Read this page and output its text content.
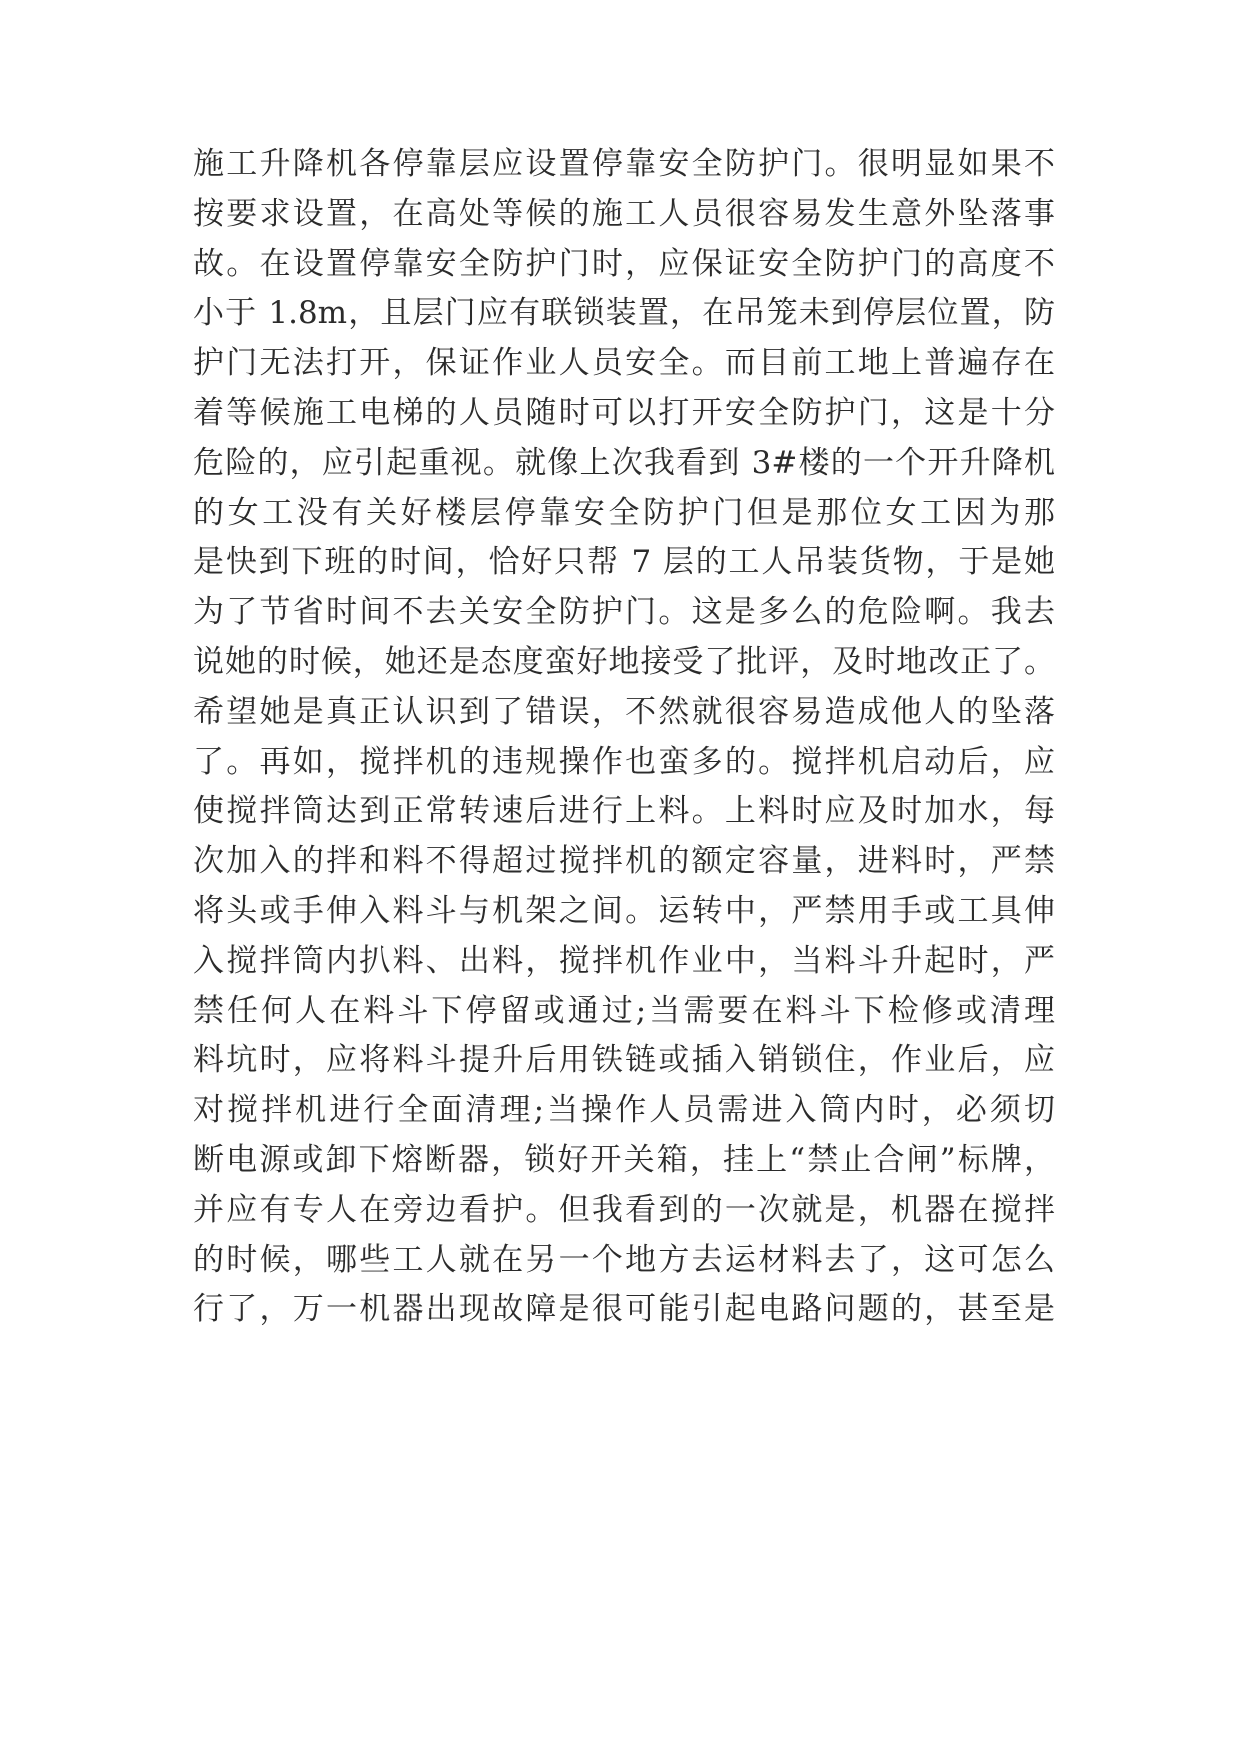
施工升降机各停靠层应设置停靠安全防护门。很明显如果不
按要求设置，在高处等候的施工人员很容易发生意外坠落事
故。在设置停靠安全防护门时，应保证安全防护门的高度不
小于 1.8m，且层门应有联锁装置，在吊笼未到停层位置，防
护门无法打开，保证作业人员安全。而目前工地上普遍存在
着等候施工电梯的人员随时可以打开安全防护门，这是十分
危险的，应引起重视。就像上次我看到 3#楼的一个开升降机
的女工没有关好楼层停靠安全防护门但是那位女工因为那
是快到下班的时间，恰好只帮 7 层的工人吊装货物，于是她
为了节省时间不去关安全防护门。这是多么的危险啊。我去
说她的时候，她还是态度蛮好地接受了批评，及时地改正了。
希望她是真正认识到了错误，不然就很容易造成他人的坠落
了。再如，搅拌机的违规操作也蛮多的。搅拌机启动后，应
使搅拌筒达到正常转速后进行上料。上料时应及时加水，每
次加入的拌和料不得超过搅拌机的额定容量，进料时，严禁
将头或手伸入料斗与机架之间。运转中，严禁用手或工具伸
入搅拌筒内扒料、出料，搅拌机作业中，当料斗升起时，严
禁任何人在料斗下停留或通过;当需要在料斗下检修或清理
料坑时，应将料斗提升后用铁链或插入销锁住，作业后，应
对搅拌机进行全面清理;当操作人员需进入筒内时，必须切
断电源或卸下熔断器，锁好开关箱，挂上“禁止合闸”标牌，
并应有专人在旁边看护。但我看到的一次就是，机器在搅拌
的时候，哪些工人就在另一个地方去运材料去了，这可怎么
行了，万一机器出现故障是很可能引起电路问题的，甚至是
